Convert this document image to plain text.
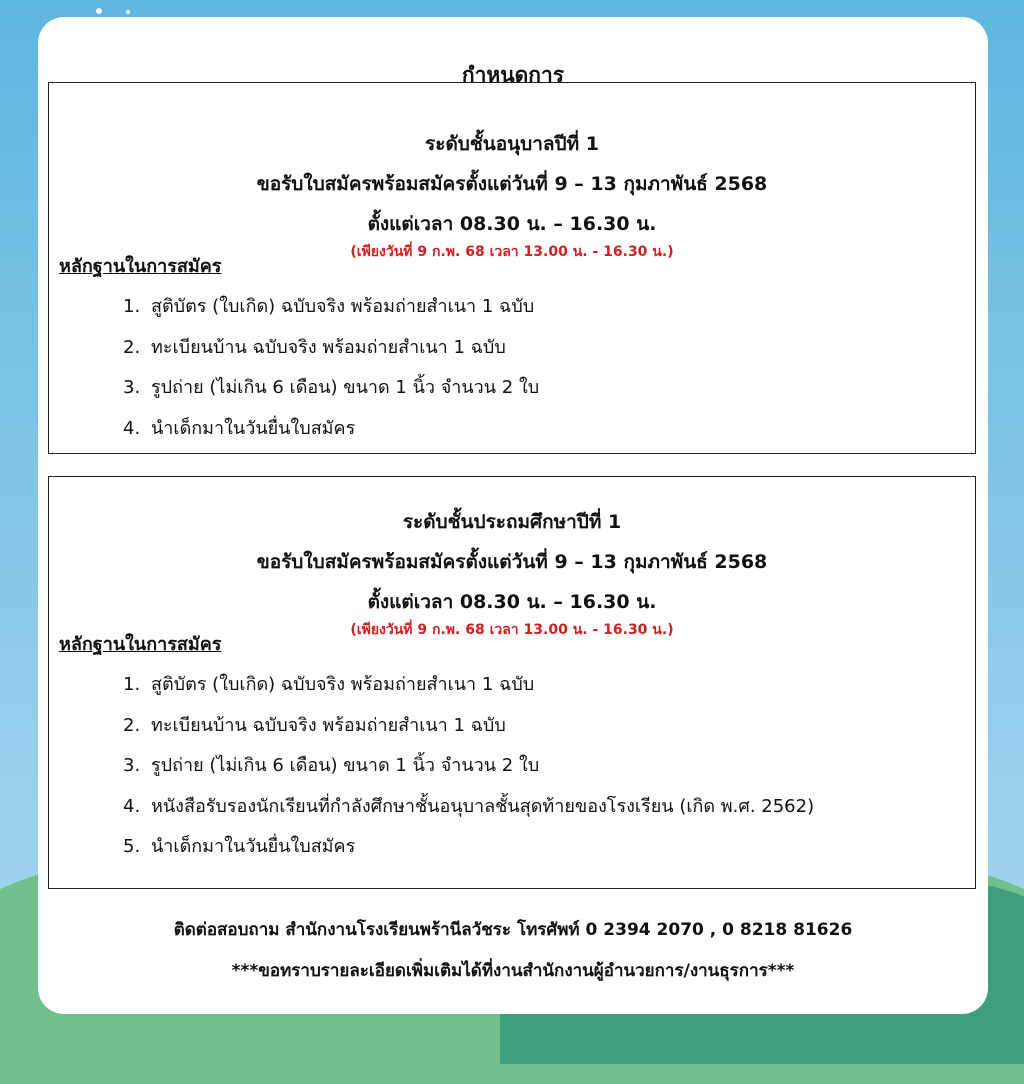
กำหนดการ
ระดับชั้นอนุบาลปีที่ 1
ขอรับใบสมัครพร้อมสมัครตั้งแต่วันที่ 9 – 13 กุมภาพันธ์ 2568
ตั้งแต่เวลา 08.30 น. – 16.30 น.
(เพียงวันที่ 9 ก.พ. 68 เวลา 13.00 น. - 16.30 น.)
หลักฐานในการสมัคร
1. สูติบัตร (ใบเกิด) ฉบับจริง พร้อมถ่ายสำเนา 1 ฉบับ
2. ทะเบียนบ้าน ฉบับจริง พร้อมถ่ายสำเนา 1 ฉบับ
3. รูปถ่าย (ไม่เกิน 6 เดือน) ขนาด 1 นิ้ว จำนวน 2 ใบ
4. นำเด็กมาในวันยื่นใบสมัคร
ระดับชั้นประถมศึกษาปีที่ 1
ขอรับใบสมัครพร้อมสมัครตั้งแต่วันที่ 9 – 13 กุมภาพันธ์ 2568
ตั้งแต่เวลา 08.30 น. – 16.30 น.
(เพียงวันที่ 9 ก.พ. 68 เวลา 13.00 น. - 16.30 น.)
หลักฐานในการสมัคร
1. สูติบัตร (ใบเกิด) ฉบับจริง พร้อมถ่ายสำเนา 1 ฉบับ
2. ทะเบียนบ้าน ฉบับจริง พร้อมถ่ายสำเนา 1 ฉบับ
3. รูปถ่าย (ไม่เกิน 6 เดือน) ขนาด 1 นิ้ว จำนวน 2 ใบ
4. หนังสือรับรองนักเรียนที่กำลังศึกษาชั้นอนุบาลชั้นสุดท้ายของโรงเรียน (เกิด พ.ศ. 2562)
5. นำเด็กมาในวันยื่นใบสมัคร
ติดต่อสอบถาม สำนักงานโรงเรียนพร้านีลวัชระ โทรศัพท์ 0 2394 2070 , 0 8218 81626
***ขอทราบรายละเอียดเพิ่มเติมได้ที่งานสำนักงานผู้อำนวยการ/งานธุรการ***
